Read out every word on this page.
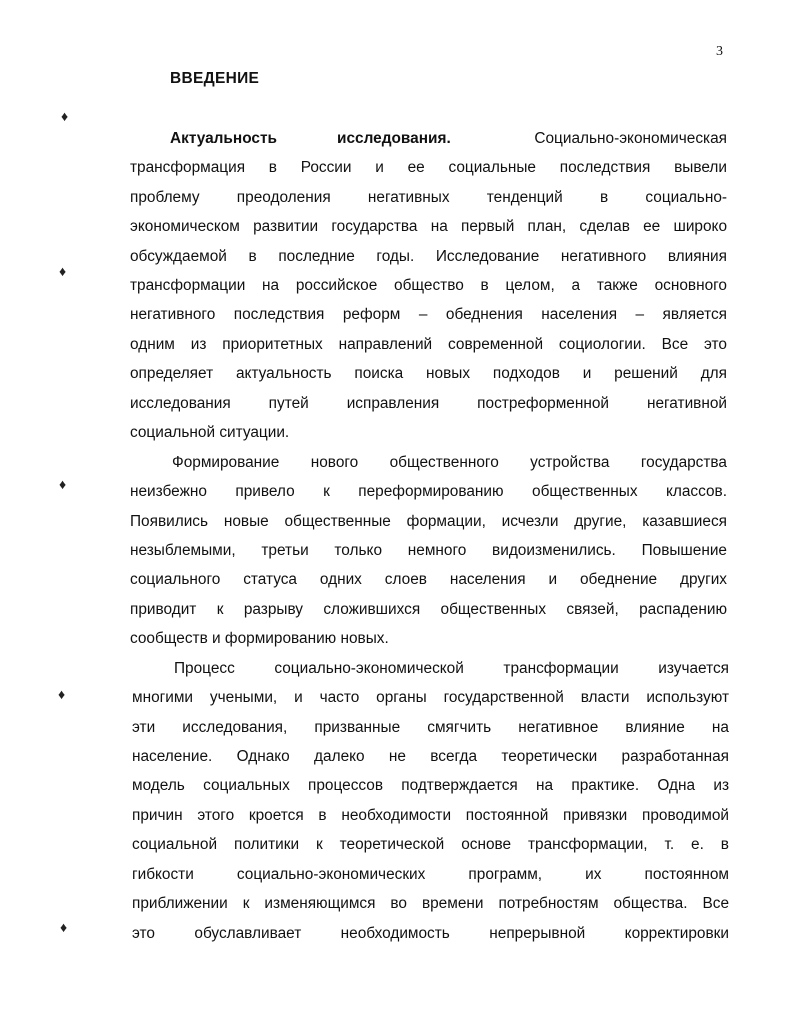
3
ВВЕДЕНИЕ
Актуальность	исследования.	Социально-экономическая
трансформация в России и ее социальные последствия вывели
проблему преодоления негативных тенденций в социально-
экономическом развитии государства на первый план, сделав ее широко
обсуждаемой в последние годы. Исследование негативного влияния
трансформации на российское общество в целом, а также основного
негативного последствия реформ – обеднения населения – является
одним из приоритетных направлений современной социологии. Все это
определяет актуальность поиска новых подходов и решений для
исследования путей исправления постреформенной негативной
социальной ситуации.
Формирование нового общественного устройства государства
неизбежно привело к переформированию общественных классов.
Появились новые общественные формации, исчезли другие, казавшиеся
незыблемыми, третьи только немного видоизменились. Повышение
социального статуса одних слоев населения и обеднение других
приводит к разрыву сложившихся общественных связей, распадению
сообществ и формированию новых.
Процесс социально-экономической трансформации изучается
многими учеными, и часто органы государственной власти используют
эти исследования, призванные смягчить негативное влияние на
население. Однако далеко не всегда теоретически разработанная
модель социальных процессов подтверждается на практике. Одна из
причин этого кроется в необходимости постоянной привязки проводимой
социальной политики к теоретической основе трансформации, т. е. в
гибкости социально-экономических программ, их постоянном
приближении к изменяющимся во времени потребностям общества. Все
это обуславливает необходимость непрерывной корректировки
